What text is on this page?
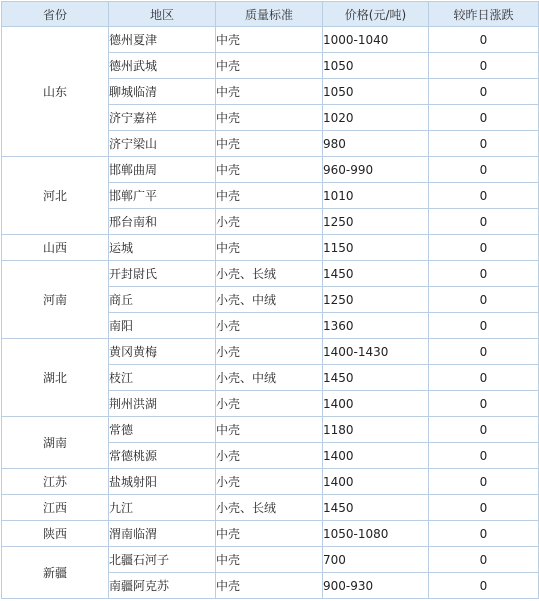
省份	地区	质量标准	价格(元/吨)	较昨日涨跌
山东	德州夏津	中壳	1000-1040	0
	德州武城	中壳	1050	0
	聊城临清	中壳	1050	0
	济宁嘉祥	中壳	1020	0
	济宁梁山	中壳	980	0
河北	邯郸曲周	中壳	960-990	0
	邯郸广平	中壳	1010	0
	邢台南和	小壳	1250	0
山西	运城	中壳	1150	0
河南	开封尉氏	小壳、长绒	1450	0
	商丘	小壳、中绒	1250	0
	南阳	小壳	1360	0
湖北	黄冈黄梅	小壳	1400-1430	0
	枝江	小壳、中绒	1450	0
	荆州洪湖	小壳	1400	0
湖南	常德	中壳	1180	0
	常德桃源	小壳	1400	0
江苏	盐城射阳	小壳	1400	0
江西	九江	小壳、长绒	1450	0
陕西	渭南临渭	中壳	1050-1080	0
新疆	北疆石河子	中壳	700	0
	南疆阿克苏	中壳	900-930	0
